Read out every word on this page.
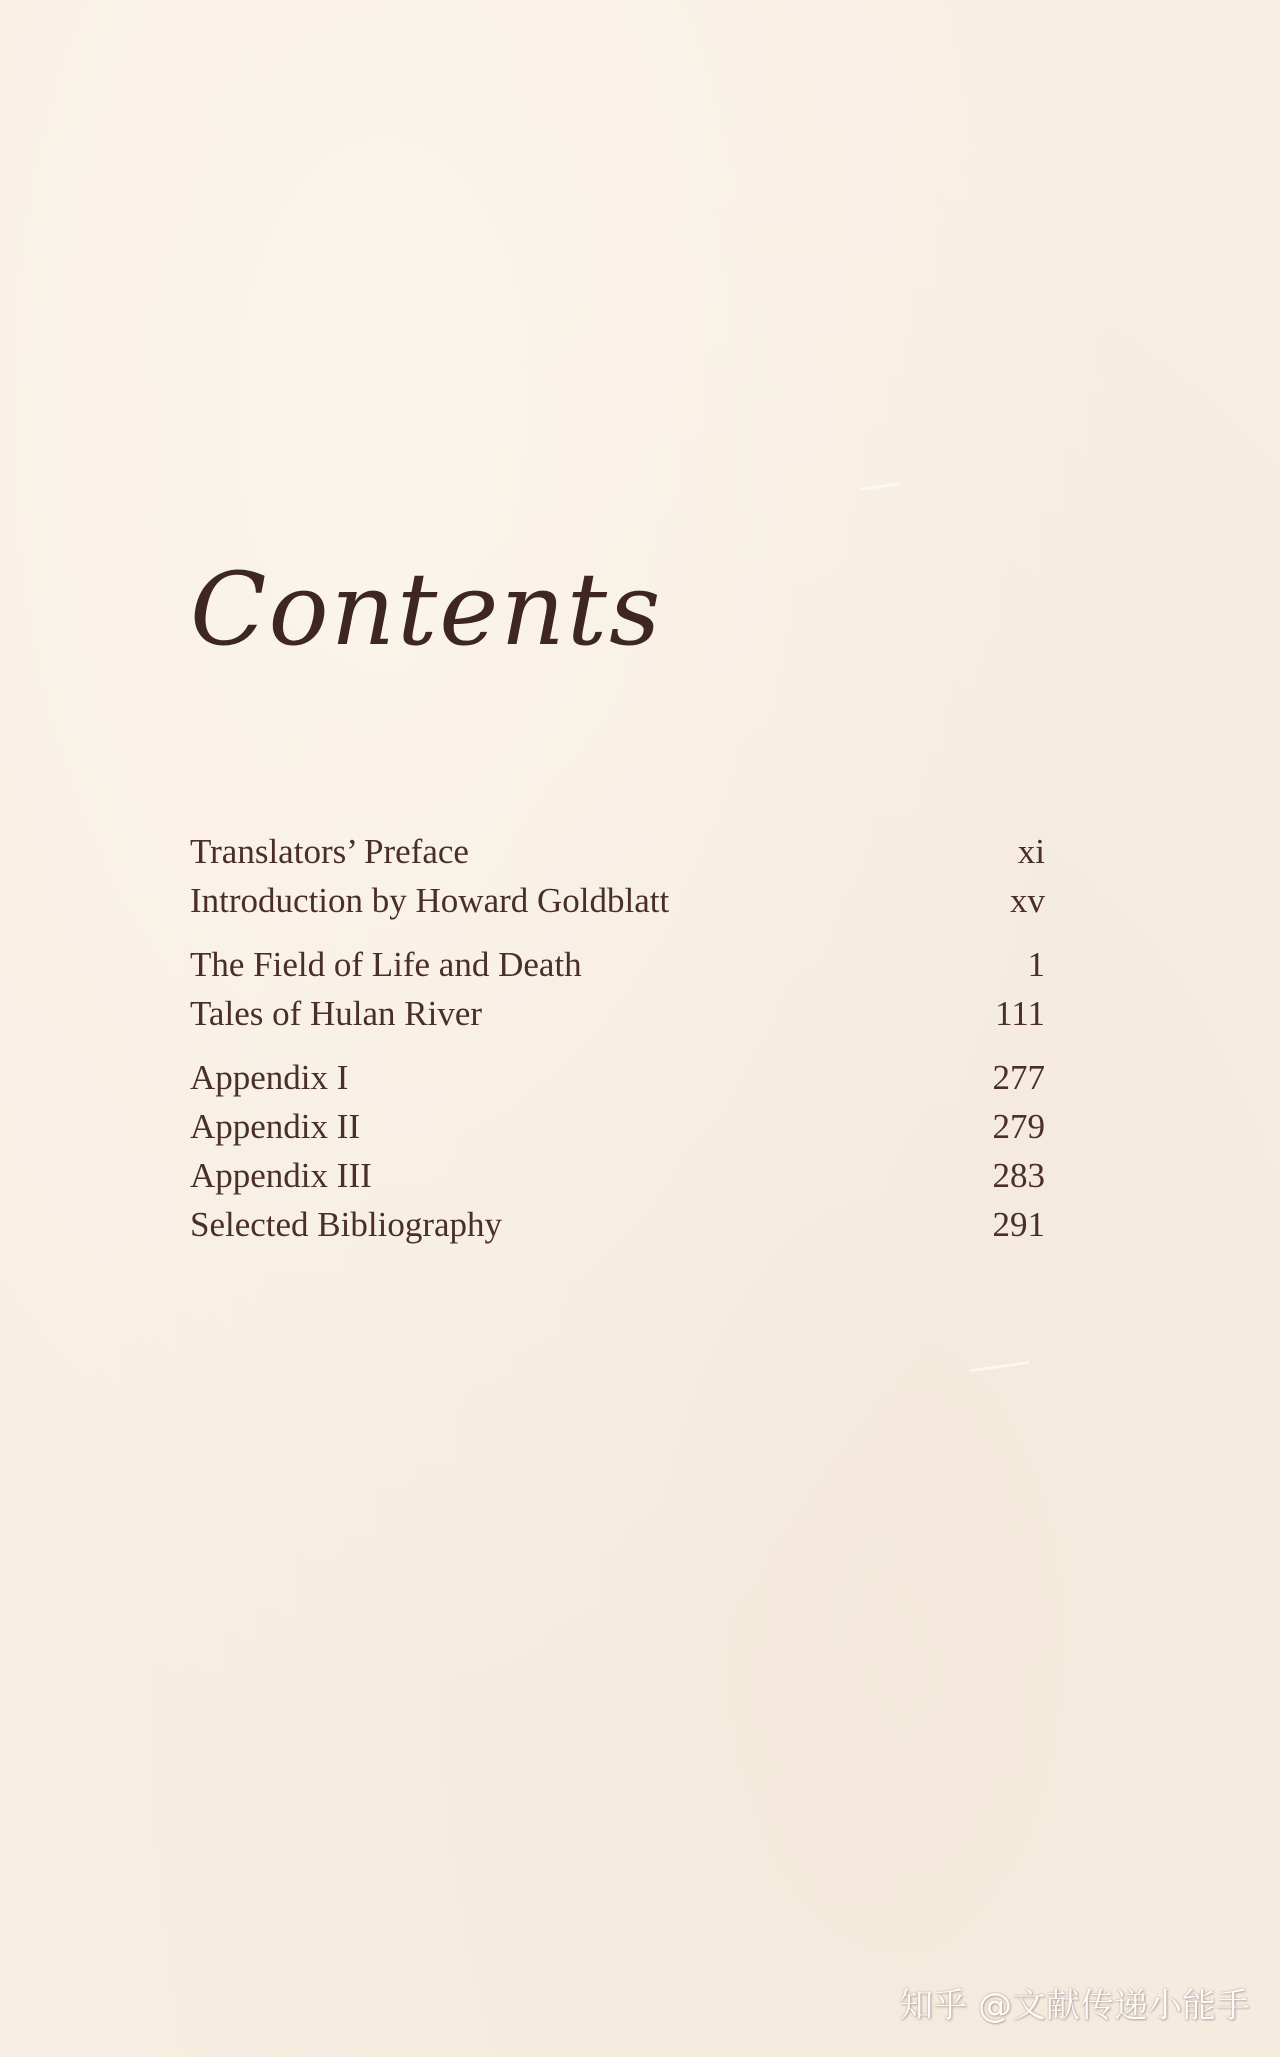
Contents
Translators’ Preface	xi
Introduction by Howard Goldblatt	xv
The Field of Life and Death	1
Tales of Hulan River	111
Appendix I	277
Appendix II	279
Appendix III	283
Selected Bibliography	291
知乎 @文献传递小能手
